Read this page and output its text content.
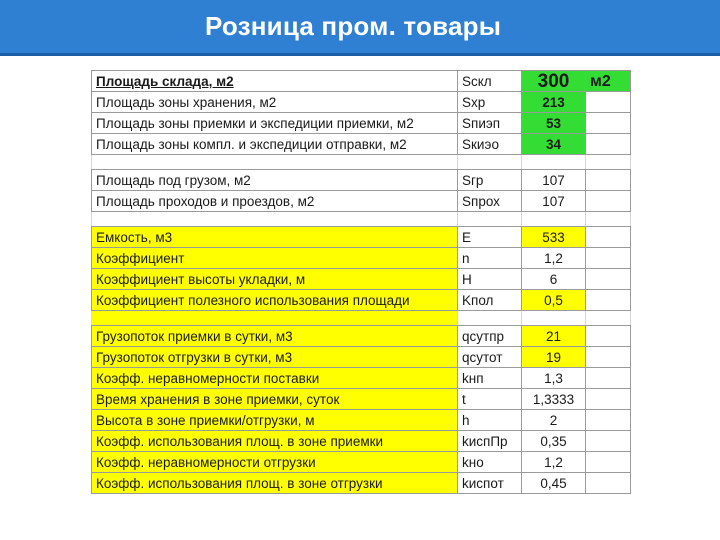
Розница пром. товары
Площадь склада, м2	Sскл	300	м2
Площадь зоны хранения, м2	Sхр	213	
Площадь зоны приемки и экспедиции приемки, м2	Sпиэп	53	
Площадь зоны компл. и экспедиции отправки, м2	Sкиэо	34	

Площадь под грузом, м2	Sгр	107	
Площадь проходов и проездов, м2	Sпрох	107	

Емкость, м3	E	533	
Коэффициент	n	1,2	
Коэффициент высоты укладки, м	H	6	
Коэффициент полезного использования площади	Kпол	0,5	

Грузопоток приемки в сутки, м3	qсутпр	21	
Грузопоток отгрузки в сутки, м3	qсутот	19	
Коэфф. неравномерности поставки	kнп	1,3	
Время хранения в зоне приемки, суток	t	1,3333	
Высота в зоне приемки/отгрузки, м	h	2	
Коэфф. использования площ. в зоне приемки	kиспПр	0,35	
Коэфф. неравномерности отгрузки	kно	1,2	
Коэфф. использования площ. в зоне отгрузки	kиспот	0,45	
